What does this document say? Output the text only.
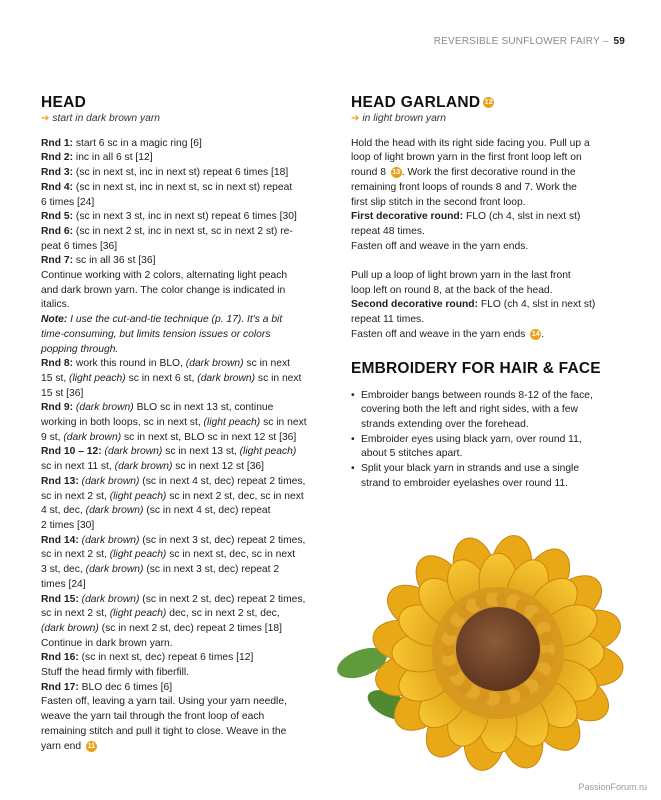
REVERSIBLE SUNFLOWER FAIRY – 59
HEAD
➔ start in dark brown yarn
Rnd 1: start 6 sc in a magic ring [6]
Rnd 2: inc in all 6 st [12]
Rnd 3: (sc in next st, inc in next st) repeat 6 times [18]
Rnd 4: (sc in next st, inc in next st, sc in next st) repeat
6 times [24]
Rnd 5: (sc in next 3 st, inc in next st) repeat 6 times [30]
Rnd 6: (sc in next 2 st, inc in next st, sc in next 2 st) re-
peat 6 times [36]
Rnd 7: sc in all 36 st [36]
Continue working with 2 colors, alternating light peach
and dark brown yarn. The color change is indicated in
italics.
Note: I use the cut-and-tie technique (p. 17). It's a bit
time-consuming, but limits tension issues or colors
popping through.
Rnd 8: work this round in BLO, (dark brown) sc in next
15 st, (light peach) sc in next 6 st, (dark brown) sc in next
15 st [36]
Rnd 9: (dark brown) BLO sc in next 13 st, continue
working in both loops, sc in next st, (light peach) sc in next
9 st, (dark brown) sc in next st, BLO sc in next 12 st [36]
Rnd 10 – 12: (dark brown) sc in next 13 st, (light peach)
sc in next 11 st, (dark brown) sc in next 12 st [36]
Rnd 13: (dark brown) (sc in next 4 st, dec) repeat 2 times,
sc in next 2 st, (light peach) sc in next 2 st, dec, sc in next
4 st, dec, (dark brown) (sc in next 4 st, dec) repeat
2 times [30]
Rnd 14: (dark brown) (sc in next 3 st, dec) repeat 2 times,
sc in next 2 st, (light peach) sc in next st, dec, sc in next
3 st, dec, (dark brown) (sc in next 3 st, dec) repeat 2
times [24]
Rnd 15: (dark brown) (sc in next 2 st, dec) repeat 2 times,
sc in next 2 st, (light peach) dec, sc in next 2 st, dec,
(dark brown) (sc in next 2 st, dec) repeat 2 times [18]
Continue in dark brown yarn.
Rnd 16: (sc in next st, dec) repeat 6 times [12]
Stuff the head firmly with fiberfill.
Rnd 17: BLO dec 6 times [6]
Fasten off, leaving a yarn tail. Using your yarn needle,
weave the yarn tail through the front loop of each
remaining stitch and pull it tight to close. Weave in the
yarn end 11
HEAD GARLAND 12
➔ in light brown yarn
Hold the head with its right side facing you. Pull up a
loop of light brown yarn in the first front loop left on
round 8 13 . Work the first decorative round in the
remaining front loops of rounds 8 and 7. Work the
first slip stitch in the second front loop.
First decorative round: FLO (ch 4, slst in next st)
repeat 48 times.
Fasten off and weave in the yarn ends.
Pull up a loop of light brown yarn in the last front
loop left on round 8, at the back of the head.
Second decorative round: FLO (ch 4, slst in next st)
repeat 11 times.
Fasten off and weave in the yarn ends 14 .
EMBROIDERY FOR HAIR & FACE
• Embroider bangs between rounds 8-12 of the face,
covering both the left and right sides, with a few
strands extending over the forehead.
• Embroider eyes using black yarn, over round 11,
about 5 stitches apart.
• Split your black yarn in strands and use a single
strand to embroider eyelashes over round 11.
PassionForum.ru
